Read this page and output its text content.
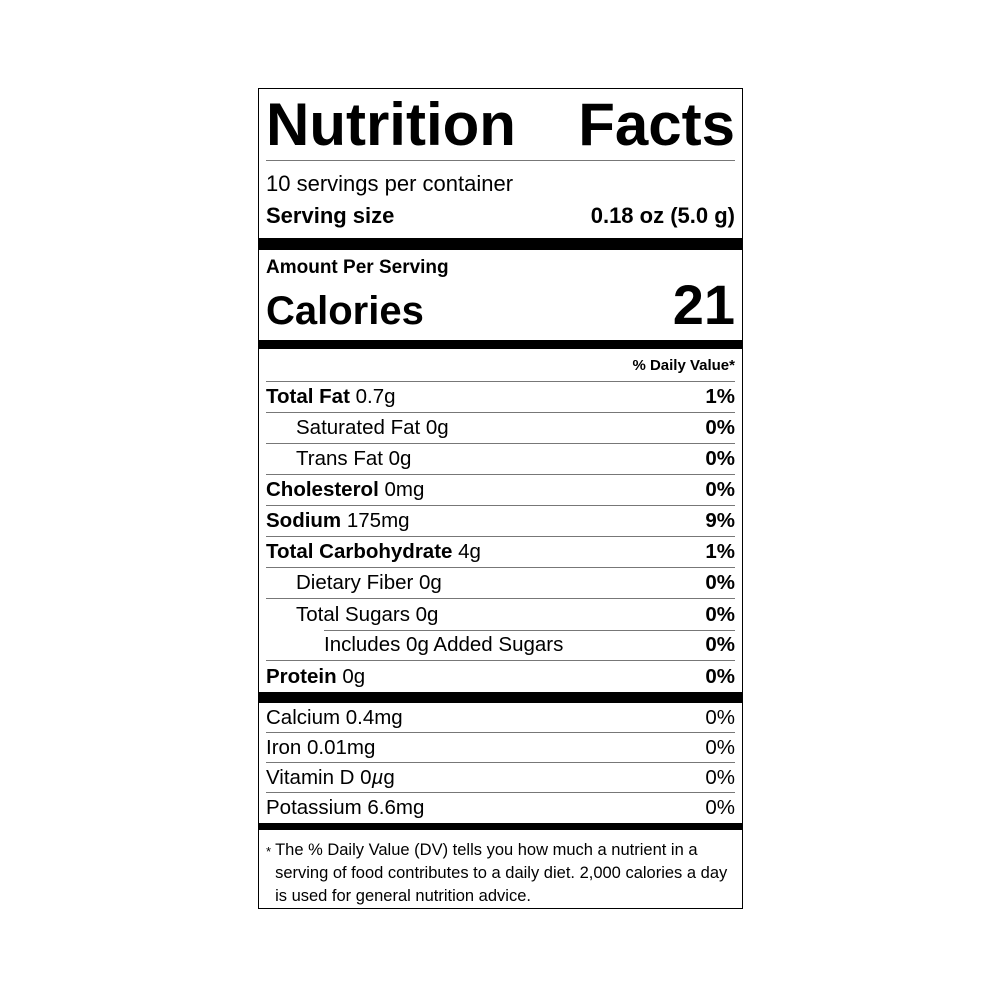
Nutrition Facts
10 servings per container
Serving size	0.18 oz (5.0 g)
Amount Per Serving
Calories	21
% Daily Value*
Total Fat 0.7g	1%
Saturated Fat 0g	0%
Trans Fat 0g	0%
Cholesterol 0mg	0%
Sodium 175mg	9%
Total Carbohydrate 4g	1%
Dietary Fiber 0g	0%
Total Sugars 0g	0%
Includes 0g Added Sugars	0%
Protein 0g	0%
Calcium 0.4mg	0%
Iron 0.01mg	0%
Vitamin D 0µg	0%
Potassium 6.6mg	0%
* The % Daily Value (DV) tells you how much a nutrient in a serving of food contributes to a daily diet. 2,000 calories a day is used for general nutrition advice.
